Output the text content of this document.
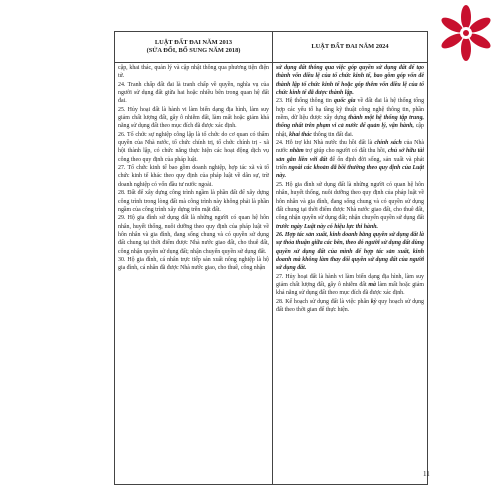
LUẬT ĐẤT ĐAI NĂM 2013
(SỬA ĐỔI, BỔ SUNG NĂM 2018)
LUẬT ĐẤT ĐAI NĂM 2024

cập, khai thác, quản lý và cập nhật thông qua phương tiện điện tử.

24. Tranh chấp đất đai là tranh chấp về quyền, nghĩa vụ của người sử dụng đất giữa hai hoặc nhiều bên trong quan hệ đất đai.

25. Hủy hoại đất là hành vi làm biến dạng địa hình, làm suy giảm chất lượng đất, gây ô nhiễm đất, làm mất hoặc giảm khả năng sử dụng đất theo mục đích đã được xác định.

26. Tổ chức sự nghiệp công lập là tổ chức do cơ quan có thẩm quyền của Nhà nước, tổ chức chính trị, tổ chức chính trị - xã hội thành lập, có chức năng thực hiện các hoạt động dịch vụ công theo quy định của pháp luật.

27. Tổ chức kinh tế bao gồm doanh nghiệp, hợp tác xã và tổ chức kinh tế khác theo quy định của pháp luật về dân sự, trừ doanh nghiệp có vốn đầu tư nước ngoài.

28. Đất để xây dựng công trình ngầm là phần đất để xây dựng công trình trong lòng đất mà công trình này không phải là phần ngầm của công trình xây dựng trên mặt đất.

29. Hộ gia đình sử dụng đất là những người có quan hệ hôn nhân, huyết thống, nuôi dưỡng theo quy định của pháp luật về hôn nhân và gia đình, đang sống chung và có quyền sử dụng đất chung tại thời điểm được Nhà nước giao đất, cho thuê đất, công nhận quyền sử dụng đất; nhận chuyển quyền sử dụng đất.

30. Hộ gia đình, cá nhân trực tiếp sản xuất nông nghiệp là hộ gia đình, cá nhân đã được Nhà nước giao, cho thuê, công nhận

sử dụng đất thông qua việc góp quyền sử dụng đất để tạo thành vốn điều lệ của tổ chức kinh tế, bao gồm góp vốn để thành lập tổ chức kinh tế hoặc góp thêm vốn điều lệ của tổ chức kinh tế đã được thành lập.

23. Hệ thống thông tin quốc gia về đất đai là hệ thống tổng hợp các yếu tố hạ tầng kỹ thuật công nghệ thông tin, phần mềm, dữ liệu được xây dựng thành một hệ thống tập trung, thống nhất trên phạm vi cả nước để quản lý, vận hành, cập nhật, khai thác thông tin đất đai.

24. Hỗ trợ khi Nhà nước thu hồi đất là chính sách của Nhà nước nhằm trợ giúp cho người có đất thu hồi, chủ sở hữu tài sản gắn liền với đất để ổn định đời sống, sản xuất và phát triển ngoài các khoản đã bồi thường theo quy định của Luật này.

25. Hộ gia đình sử dụng đất là những người có quan hệ hôn nhân, huyết thống, nuôi dưỡng theo quy định của pháp luật về hôn nhân và gia đình, đang sống chung và có quyền sử dụng đất chung tại thời điểm được Nhà nước giao đất, cho thuê đất, công nhận quyền sử dụng đất; nhận chuyển quyền sử dụng đất trước ngày Luật này có hiệu lực thi hành.

26. Hợp tác sản xuất, kinh doanh bằng quyền sử dụng đất là sự thỏa thuận giữa các bên, theo đó người sử dụng đất dùng quyền sử dụng đất của mình để hợp tác sản xuất, kinh doanh mà không làm thay đổi quyền sử dụng đất của người sử dụng đất.

27. Hủy hoại đất là hành vi làm biến dạng địa hình, làm suy giảm chất lượng đất, gây ô nhiễm đất mà làm mất hoặc giảm khả năng sử dụng đất theo mục đích đã được xác định.

28. Kế hoạch sử dụng đất là việc phân kỳ quy hoạch sử dụng đất theo thời gian để thực hiện.

11
